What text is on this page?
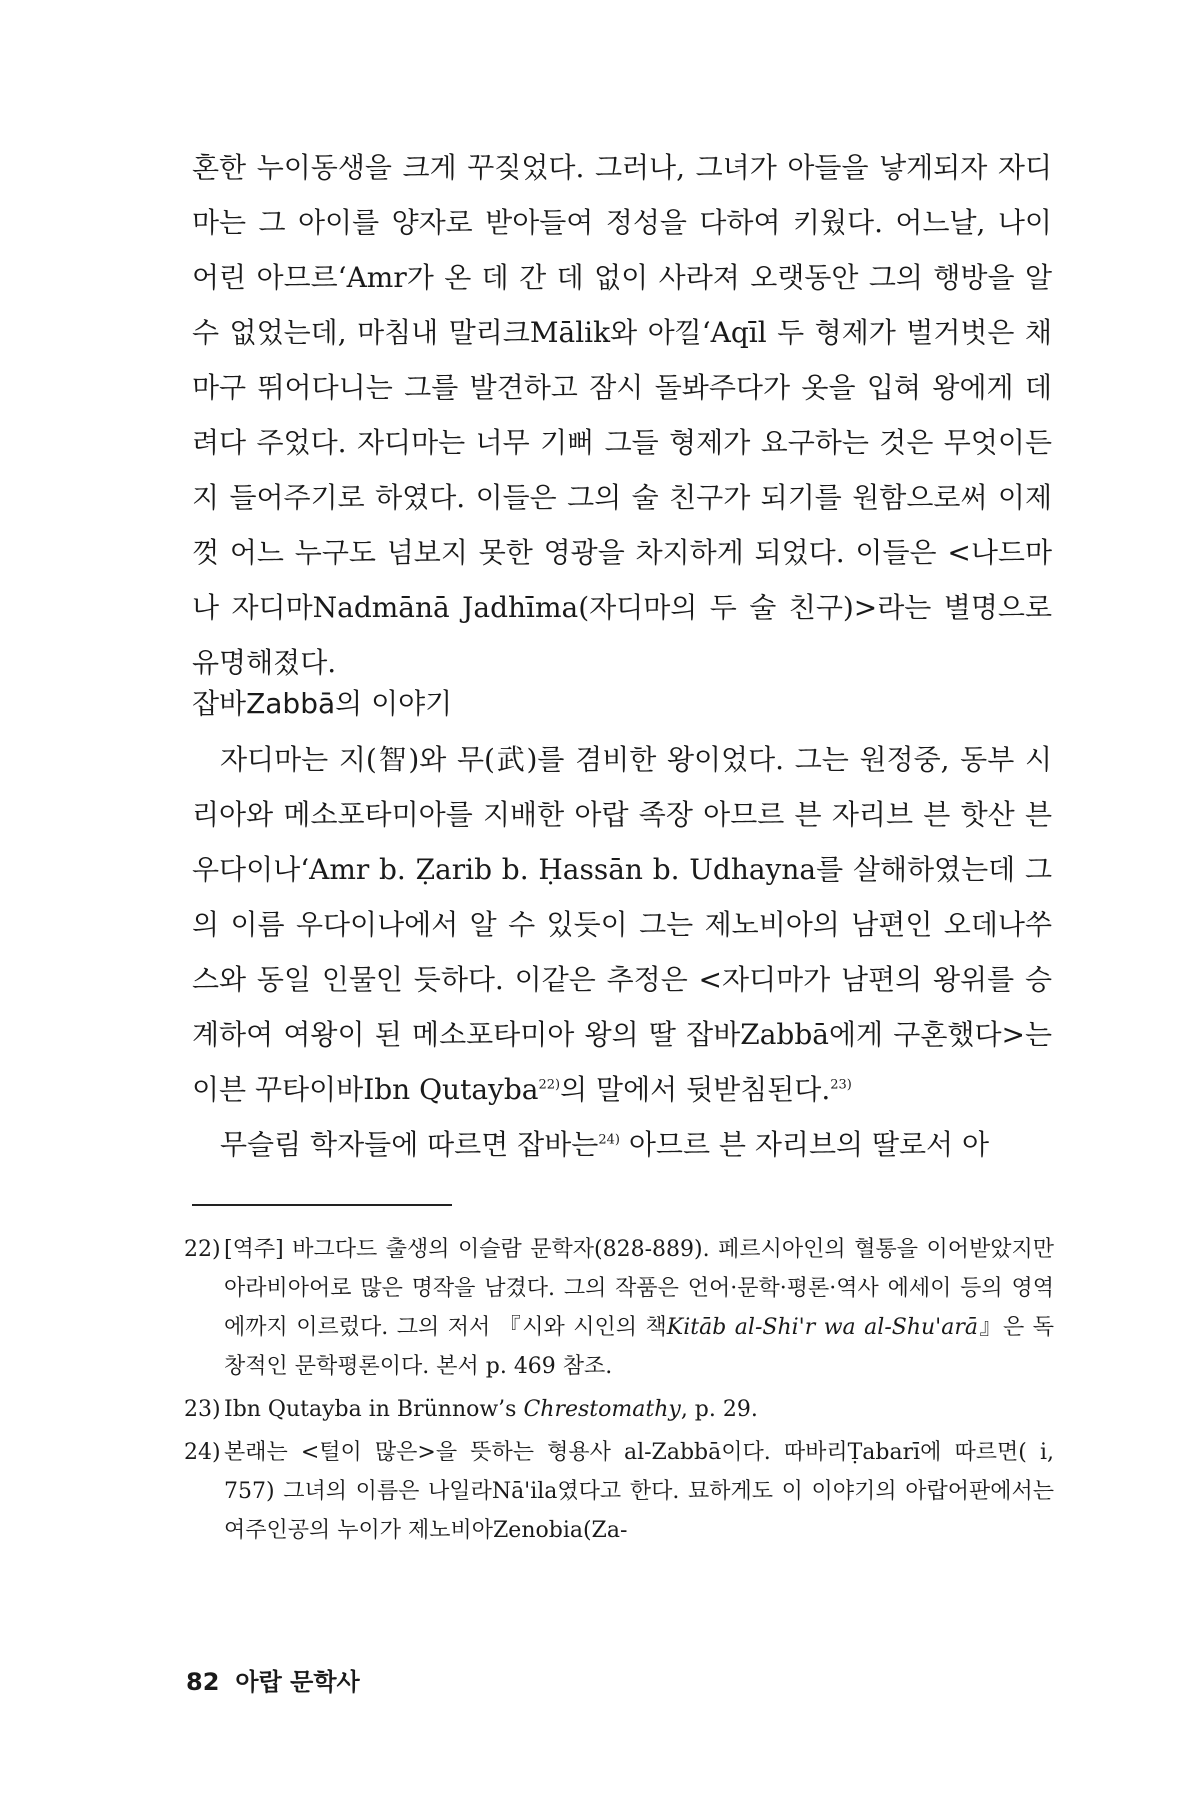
혼한 누이동생을 크게 꾸짖었다. 그러나, 그녀가 아들을 낳게되자 자디마는 그 아이를 양자로 받아들여 정성을 다하여 키웠다. 어느날, 나이 어린 아므르‘Amr가 온 데 간 데 없이 사라져 오랫동안 그의 행방을 알 수 없었는데, 마침내 말리크Mālik와 아낄‘Aqīl 두 형제가 벌거벗은 채 마구 뛰어다니는 그를 발견하고 잠시 돌봐주다가 옷을 입혀 왕에게 데려다 주었다. 자디마는 너무 기뻐 그들 형제가 요구하는 것은 무엇이든지 들어주기로 하였다. 이들은 그의 술 친구가 되기를 원함으로써 이제껏 어느 누구도 넘보지 못한 영광을 차지하게 되었다. 이들은 <나드마나 자디마Nadmānā Jadhīma(자디마의 두 술 친구)>라는 별명으로 유명해졌다.

잡바Zabbā의 이야기

자디마는 지(智)와 무(武)를 겸비한 왕이었다. 그는 원정중, 동부 시리아와 메소포타미아를 지배한 아랍 족장 아므르 븐 자리브 븐 핫산 븐 우다이나‘Amr b. Ẓarib b. Ḥassān b. Udhayna를 살해하였는데 그의 이름 우다이나에서 알 수 있듯이 그는 제노비아의 남편인 오데나쑤스와 동일 인물인 듯하다. 이같은 추정은 <자디마가 남편의 왕위를 승계하여 여왕이 된 메소포타미아 왕의 딸 잡바Zabbā에게 구혼했다>는 이븐 꾸타이바Ibn Qutayba$^{22)}$의 말에서 뒷받침된다.$^{23)}$

무슬림 학자들에 따르면 잡바는$^{24)}$ 아므르 븐 자리브의 딸로서 아

22) [역주] 바그다드 출생의 이슬람 문학자(828-889). 페르시아인의 혈통을 이어받았지만 아라비아어로 많은 명작을 남겼다. 그의 작품은 언어·문학·평론·역사 에세이 등의 영역에까지 이르렀다. 그의 저서 『시와 시인의 책Kitāb al-Shi'r wa al-Shu'arā』은 독창적인 문학평론이다. 본서 p. 469 참조.

23) Ibn Qutayba in Brünnow’s Chrestomathy, p. 29.

24) 본래는 <털이 많은>을 뜻하는 형용사 al-Zabbā이다. 따바리Ṭabarī에 따르면( i, 757) 그녀의 이름은 나일라Nā'ila였다고 한다. 묘하게도 이 이야기의 아랍어판에서는 여주인공의 누이가 제노비아Zenobia(Za-

82 아랍 문학사
